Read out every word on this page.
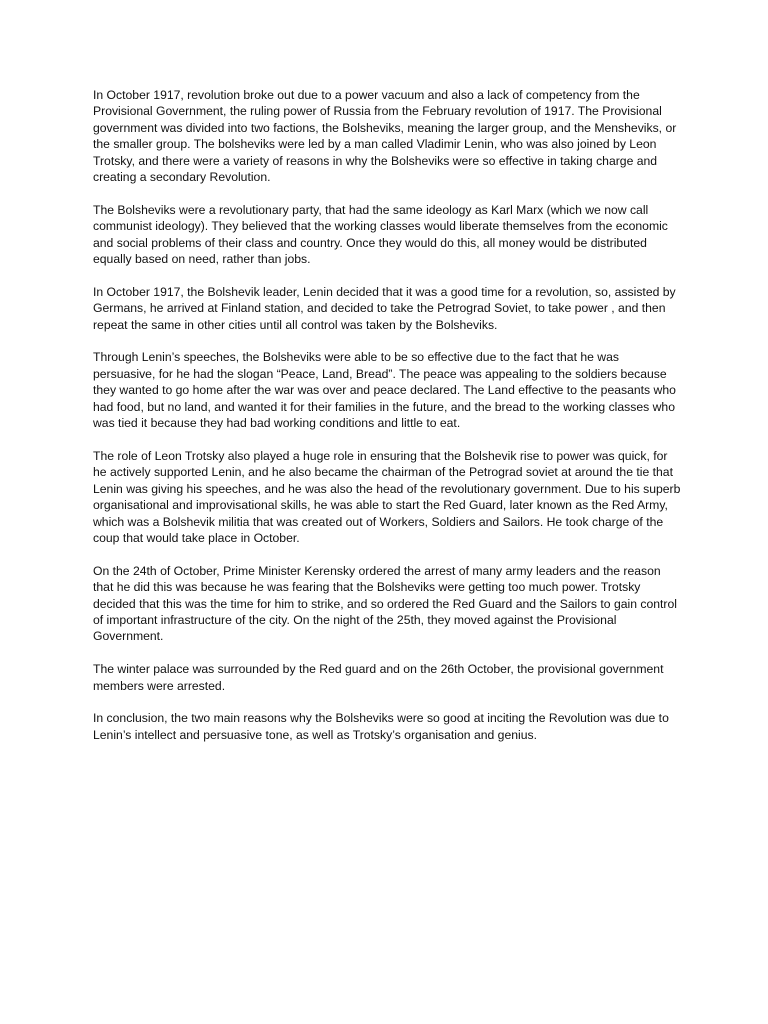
In October 1917, revolution broke out due to a power vacuum and also a lack of competency from the Provisional Government, the ruling power of Russia from the February revolution of 1917. The Provisional government was divided into two factions, the Bolsheviks, meaning the larger group, and the Mensheviks, or the smaller group. The bolsheviks were led by a man called Vladimir Lenin, who was also joined by Leon Trotsky, and there were a variety of reasons in why the Bolsheviks were so effective in taking charge and creating a secondary Revolution.

The Bolsheviks were a revolutionary party, that had the same ideology as Karl Marx (which we now call communist ideology). They believed that the working classes would liberate themselves from the economic and social problems of their class and country. Once they would do this, all money would be distributed equally based on need, rather than jobs.

In October 1917, the Bolshevik leader, Lenin decided that it was a good time for a revolution, so, assisted by Germans, he arrived at Finland station, and decided to take the Petrograd Soviet, to take power , and then repeat the same in other cities until all control was taken by the Bolsheviks.

Through Lenin’s speeches, the Bolsheviks were able to be so effective due to the fact that he was persuasive, for he had the slogan “Peace, Land, Bread”. The peace was appealing to the soldiers because they wanted to go home after the war was over and peace declared. The Land effective to the peasants who had food, but no land, and wanted it for their families in the future, and the bread to the working classes who was tied it because they had bad working conditions and little to eat.

The role of Leon Trotsky also played a huge role in ensuring that the Bolshevik rise to power was quick, for he actively supported Lenin, and he also became the chairman of the Petrograd soviet at around the tie that Lenin was giving his speeches, and he was also the head of the revolutionary government. Due to his superb organisational and improvisational skills, he was able to start the Red Guard, later known as the Red Army, which was a Bolshevik militia that was created out of Workers, Soldiers and Sailors. He took charge of the coup that would take place in October.

On the 24th of October, Prime Minister Kerensky ordered the arrest of many army leaders and the reason that he did this was because he was fearing that the Bolsheviks were getting too much power. Trotsky decided that this was the time for him to strike, and so ordered the Red Guard and the Sailors to gain control of important infrastructure of the city. On the night of the 25th, they moved against the Provisional Government.

The winter palace was surrounded by the Red guard and on the 26th October, the provisional government members were arrested.

In conclusion, the two main reasons why the Bolsheviks were so good at inciting the Revolution was due to Lenin’s intellect and persuasive tone, as well as Trotsky’s organisation and genius.
